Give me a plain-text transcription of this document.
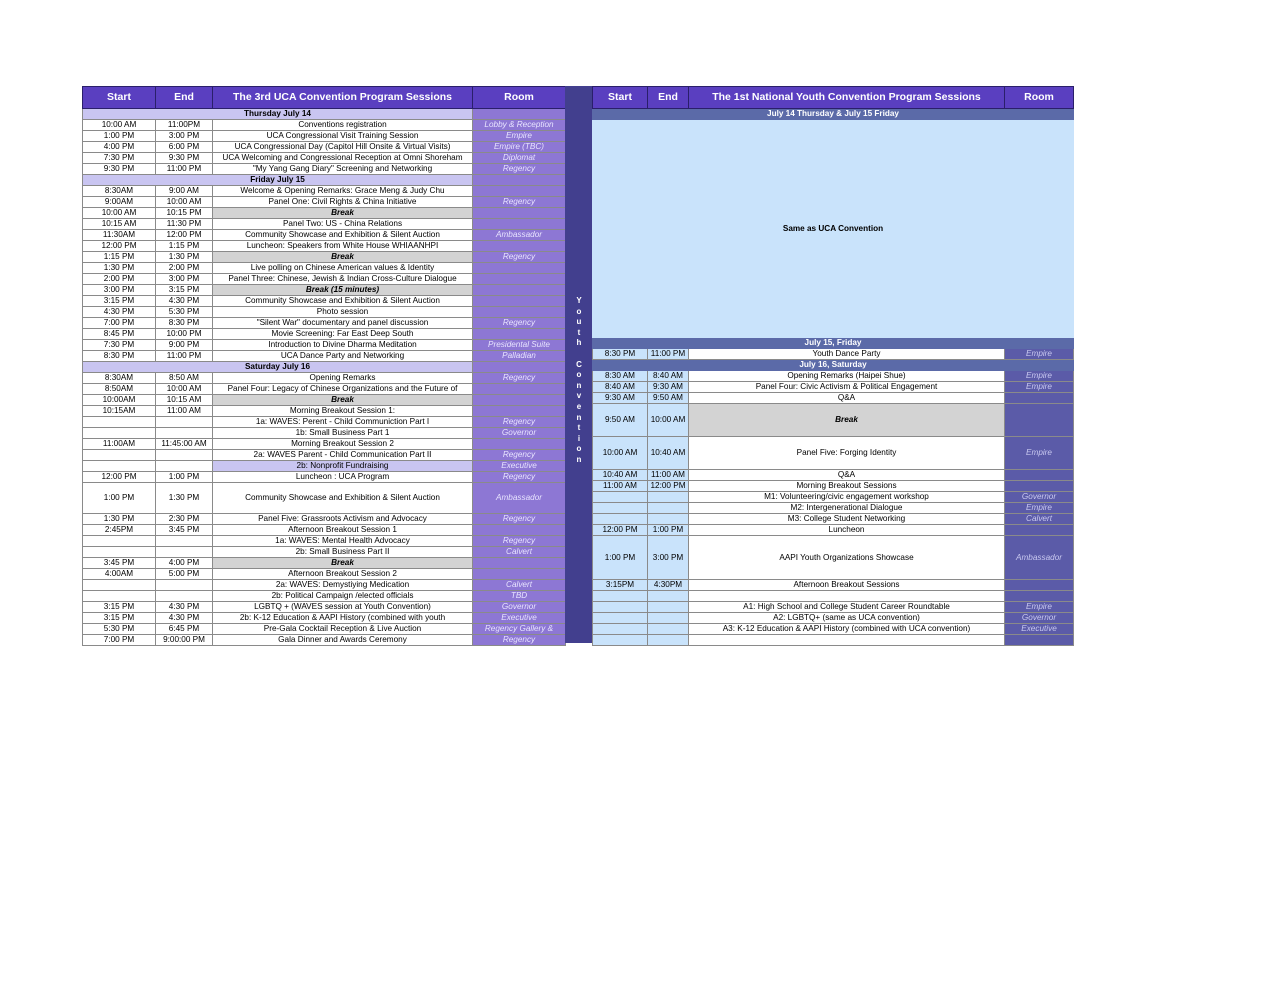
Start	End	The 3rd UCA Convention Program Sessions	Room
Thursday July 14			
10:00 AM	11:00PM	Conventions registration	Lobby & Reception
1:00 PM	3:00 PM	UCA Congressional Visit Training Session	Empire
4:00 PM	6:00 PM	UCA Congressional Day (Capitol Hill Onsite & Virtual Visits)	Empire (TBC)
7:30 PM	9:30 PM	UCA Welcoming and Congressional Reception at Omni Shoreham	Diplomat
9:30 PM	11:00 PM	"My Yang Gang Diary" Screening and Networking	Regency
Friday July 15			
8:30AM	9:00 AM	Welcome & Opening Remarks: Grace Meng & Judy Chu	
9:00AM	10:00 AM	Panel One: Civil Rights & China Initiative	Regency
10:00 AM	10:15 PM	Break	
10:15 AM	11:30 PM	Panel Two: US - China Relations	
11:30AM	12:00 PM	Community Showcase and Exhibition & Silent Auction	Ambassador
12:00 PM	1:15 PM	Luncheon: Speakers from White House WHIAANHPI	
1:15 PM	1:30 PM	Break	Regency
1:30 PM	2:00 PM	Live polling on Chinese American values & Identity	
2:00 PM	3:00 PM	Panel Three: Chinese, Jewish & Indian Cross-Culture Dialogue	
3:00 PM	3:15 PM	Break (15 minutes)	
3:15 PM	4:30 PM	Community Showcase and Exhibition & Silent Auction	
4:30 PM	5:30 PM	Photo session	
7:00 PM	8:30 PM	"Silent War" documentary and panel discussion	Regency
8:45 PM	10:00 PM	Movie Screening: Far East Deep South	
7:30 PM	9:00 PM	Introduction to Divine Dharma Meditation	Presidental Suite
8:30 PM	11:00 PM	UCA Dance Party and Networking	Palladian
Saturday July 16			
8:30AM	8:50 AM	Opening Remarks	Regency
8:50AM	10:00 AM	Panel Four: Legacy of Chinese Organizations and the Future of	
10:00AM	10:15 AM	Break	
10:15AM	11:00 AM	Morning Breakout Session 1:	
		1a: WAVES: Perent - Child Communiction Part I	Regency
		1b: Small Business Part 1	Governor
11:00AM	11:45:00 AM	Morning Breakout Session 2	
		2a: WAVES Parent - Child Communication Part II	Regency
		2b: Nonprofit Fundraising	Executive
12:00 PM	1:00 PM	Luncheon : UCA Program	Regency
1:00 PM	1:30 PM	Community Showcase and Exhibition & Silent Auction	Ambassador
1:30 PM	2:30 PM	Panel Five: Grassroots Activism and Advocacy	Regency
2:45PM	3:45 PM	Afternoon Breakout Session 1	
		1a: WAVES: Mental Health Advocacy	Regency
		2b: Small Business Part II	Calvert
3:45 PM	4:00 PM	Break	
4:00AM	5:00 PM	Afternoon Breakout Session 2	
		2a: WAVES: Demystiying Medication	Calvert
		2b: Political Campaign /elected officials	TBD
3:15 PM	4:30 PM	LGBTQ + (WAVES session at Youth Convention)	Governor
3:15 PM	4:30 PM	2b: K-12 Education & AAPI History (combined with youth	Executive
5:30 PM	6:45 PM	Pre-Gala Cocktail Reception & Live Auction	Regency Gallery &
7:00 PM	9:00:00 PM	Gala Dinner and Awards Ceremony	Regency
Y
o
u
t
h

C
o
n
v
e
n
t
i
o
n
Start	End	The 1st National Youth Convention Program Sessions	Room
July 14 Thursday & July 15 Friday			
Same as UCA Convention			
July 15, Friday			
8:30 PM	11:00 PM	Youth Dance Party	Empire
July 16, Saturday			
8:30 AM	8:40 AM	Opening Remarks (Haipei Shue)	Empire
8:40 AM	9:30 AM	Panel Four: Civic Activism & Political Engagement	Empire
9:30 AM	9:50 AM	Q&A	
9:50 AM	10:00 AM	Break	
10:00 AM	10:40 AM	Panel Five: Forging Identity	Empire
10:40 AM	11:00 AM	Q&A	
11:00 AM	12:00 PM	Morning Breakout Sessions	
		M1: Volunteering/civic engagement workshop	Governor
		M2: Intergenerational Dialogue	Empire
		M3: College Student Networking	Calvert
12:00 PM	1:00 PM	Luncheon	
1:00 PM	3:00 PM	AAPI Youth Organizations Showcase	Ambassador
3:15PM	4:30PM	Afternoon Breakout Sessions	

		A1: High School and College Student Career Roundtable	Empire
		A2: LGBTQ+ (same as UCA convention)	Governor
		A3: K-12 Education & AAPI History (combined with UCA convention)	Executive
